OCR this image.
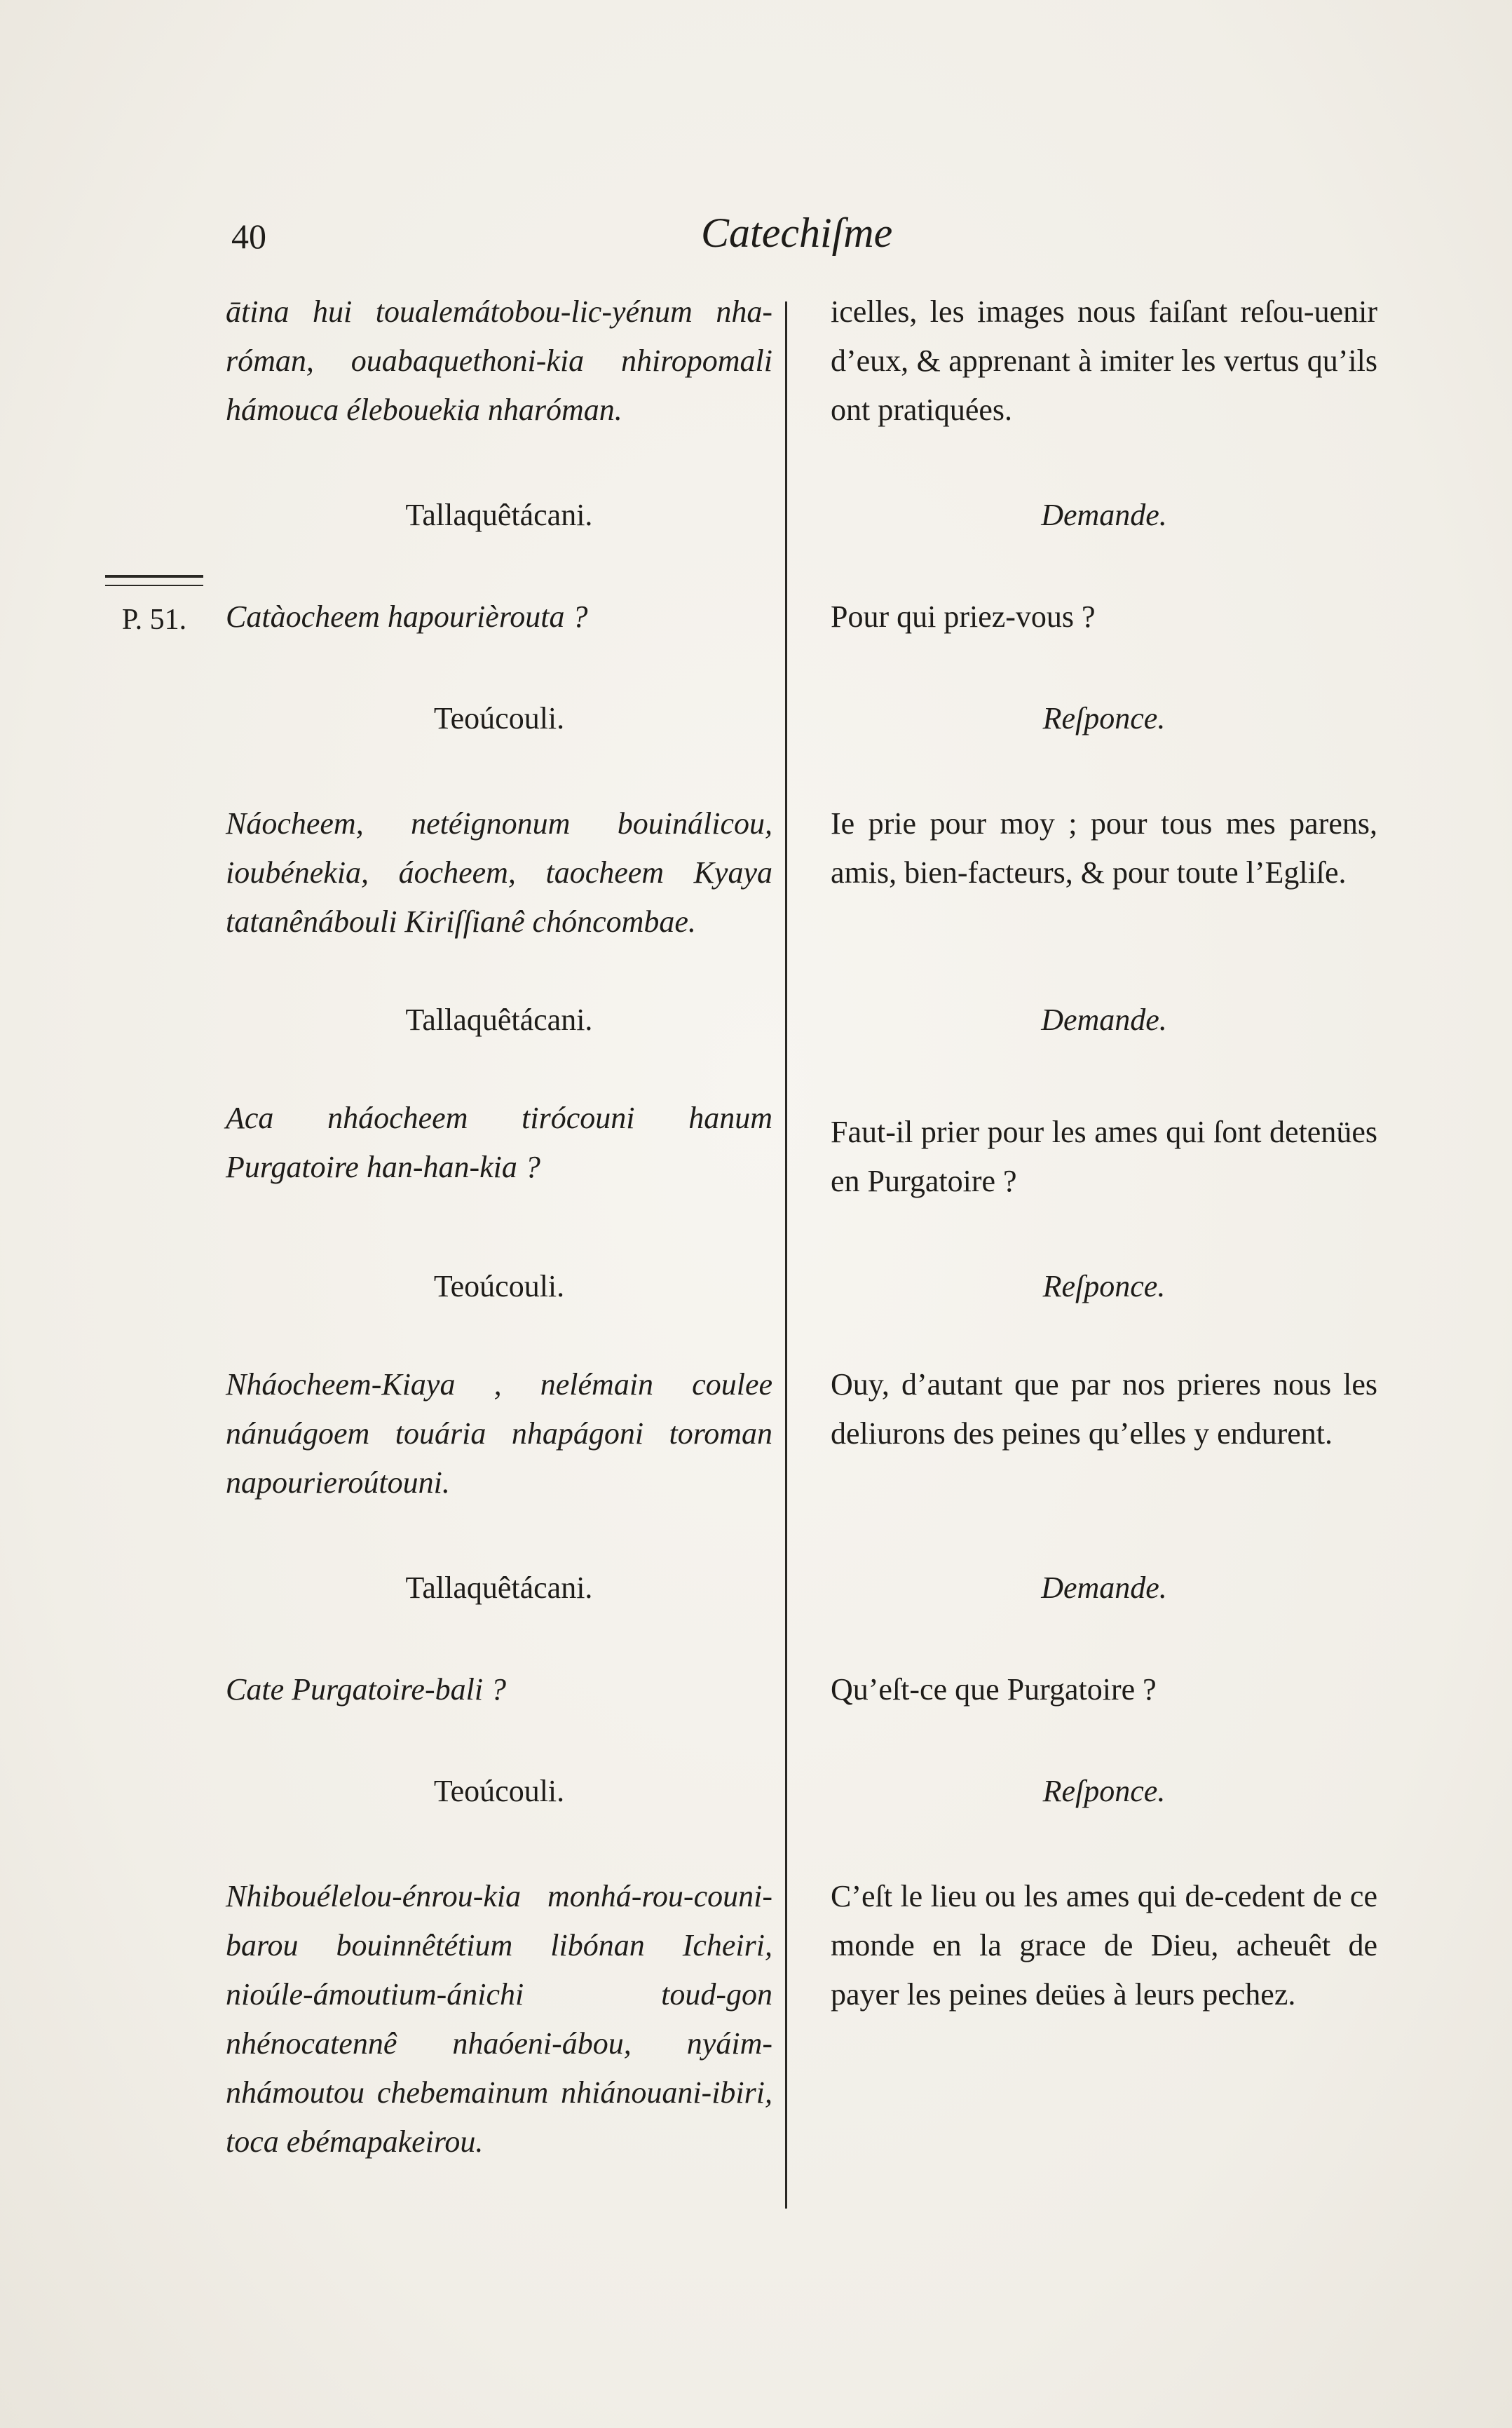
40	Catechiſme
P. 51.
ātina hui toualemátobou-lic-yénum nha-róman, ouabaquethoni-kia nhiropomali hámouca élebouekia nharóman.
Tallaquêtácani.
Catàocheem hapourièrouta ?
Teoúcouli.
Náocheem, netéignonum bouinálicou, ioubénekia, áocheem, taocheem Kyaya tatanênábouli Kiriſſianê chóncombae.
Tallaquêtácani.
Aca nháocheem tirócouni hanum Purgatoire han-han-kia ?
Teoúcouli.
Nháocheem-Kiaya , nelémain coulee nánuágoem touária nhapágoni toroman napourieroútouni.
Tallaquêtácani.
Cate Purgatoire-bali ?
Teoúcouli.
Nhibouélelou-énrou-kia monhá-rou-couni-barou bouinnêtétium libónan Icheiri, nioúle-ámoutium-ánichi toud-gon nhénocatennê nhaóeni-ábou, nyáim-nhámoutou chebemainum nhiánouani-ibiri, toca ebémapakeirou.
icelles, les images nous faiſant reſou-uenir d’eux, & apprenant à imiter les vertus qu’ils ont pratiquées.
Demande.
Pour qui priez-vous ?
Reſponce.
Ie prie pour moy ; pour tous mes parens, amis, bien-facteurs, & pour toute l’Egliſe.
Demande.
Faut-il prier pour les ames qui ſont detenües en Purgatoire ?
Reſponce.
Ouy, d’autant que par nos prieres nous les deliurons des peines qu’elles y endurent.
Demande.
Qu’eſt-ce que Purgatoire ?
Reſponce.
C’eſt le lieu ou les ames qui de-cedent de ce monde en la grace de Dieu, acheuêt de payer les peines deües à leurs pechez.
